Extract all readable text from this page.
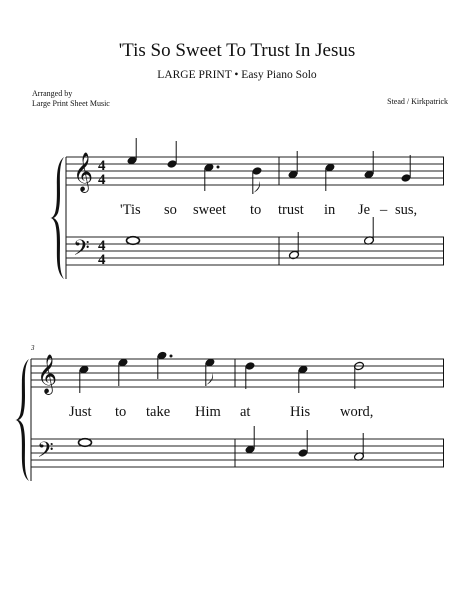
'Tis So Sweet To Trust In Jesus
LARGE PRINT • Easy Piano Solo
Arranged by
Large Print Sheet Music	Stead / Kirkpatrick
𝄞
𝄢
4
4
4
4
'Tis so sweet to trust in Je – sus,
3
𝄞
𝄢
Just to take Him at	His word,
